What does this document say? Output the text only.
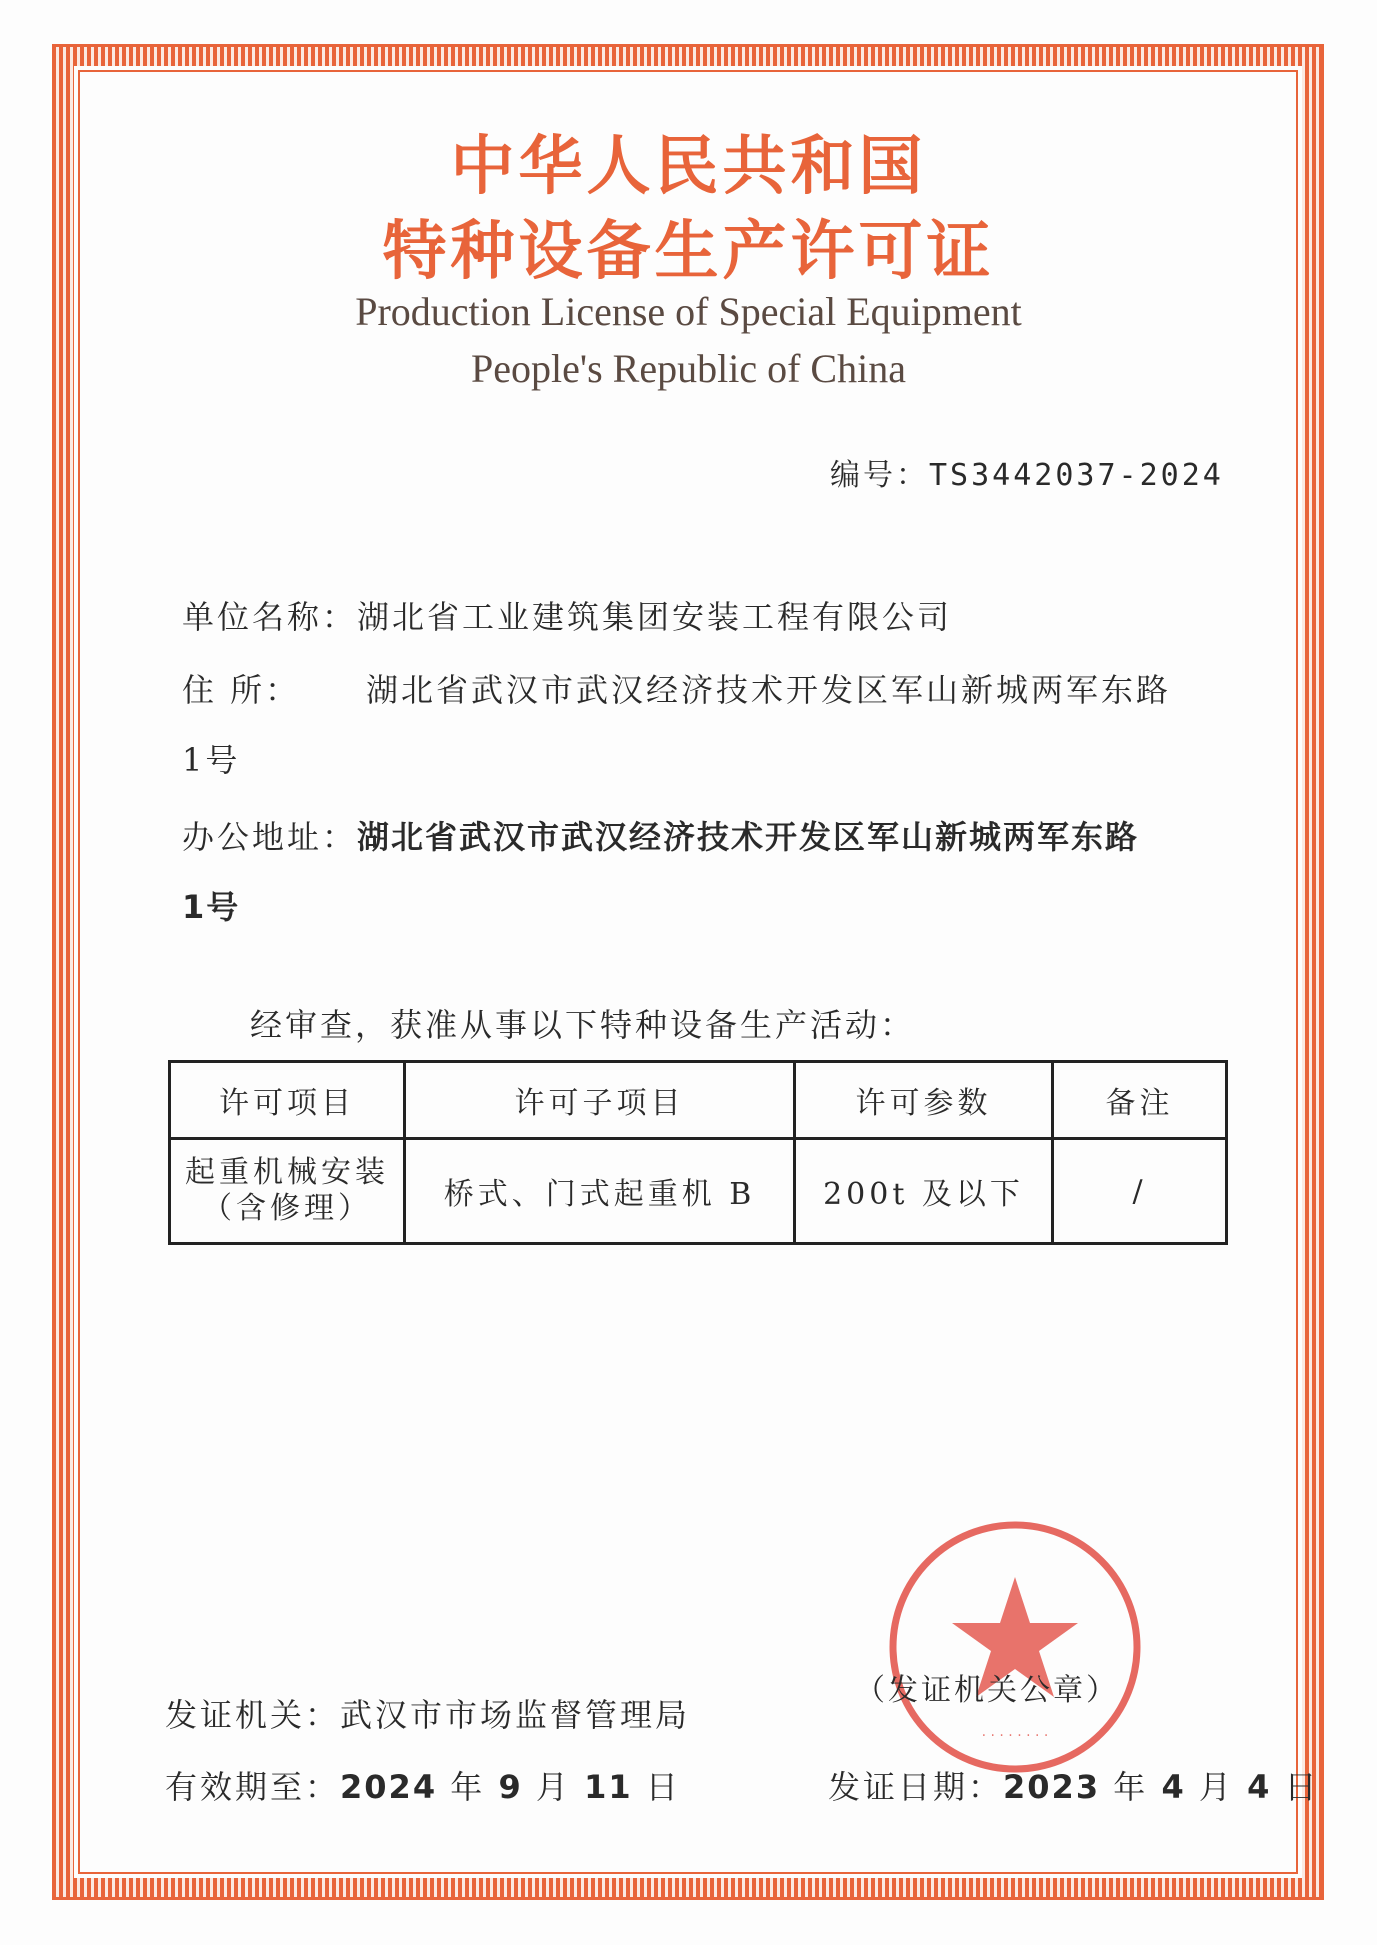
中华人民共和国
特种设备生产许可证
Production License of Special Equipment
People's Republic of China
编号：TS3442037-2024
单位名称：湖北省工业建筑集团安装工程有限公司
住 所： 湖北省武汉市武汉经济技术开发区军山新城两军东路
1号
办公地址：湖北省武汉市武汉经济技术开发区军山新城两军东路
1号
经审查，获准从事以下特种设备生产活动：
许可项目	许可子项目	许可参数	备注

起重机械安装
（含修理）	桥式、门式起重机 B	200t 及以下	/
· · · · · · · ·
（发证机关公章）
发证机关：武汉市市场监督管理局
有效期至：2024 年 9 月 11 日	发证日期：2023 年 4 月 4 日
